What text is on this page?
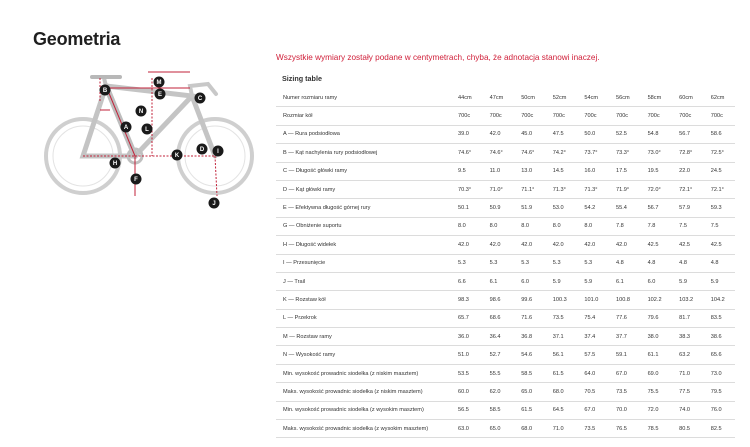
Geometria
Wszystkie wymiary zostały podane w centymetrach, chyba, że adnotacja stanowi inaczej.
B
M
E
C
N
A	L
D I
K
H
F
J
Sizing table
Numer rozmiaru ramy	44cm	47cm	50cm	52cm	54cm	56cm	58cm	60cm	62cm
Rozmiar kół	700c	700c	700c	700c	700c	700c	700c	700c	700c
A — Rura podsiodłowa	39.0	42.0	45.0	47.5	50.0	52.5	54.8	56.7	58.6
B — Kąt nachylenia rury podsiodłowej	74.6°	74.6°	74.6°	74.2°	73.7°	73.3°	73.0°	72.8°	72.5°
C — Długość główki ramy	9.5	11.0	13.0	14.5	16.0	17.5	19.5	22.0	24.5
D — Kąt główki ramy	70.3°	71.0°	71.1°	71.3°	71.3°	71.9°	72.0°	72.1°	72.1°
E — Efektywna długość górnej rury	50.1	50.9	51.9	53.0	54.2	55.4	56.7	57.9	59.3
G — Obniżenie suportu	8.0	8.0	8.0	8.0	8.0	7.8	7.8	7.5	7.5
H — Długość widełek	42.0	42.0	42.0	42.0	42.0	42.0	42.5	42.5	42.5
I — Przesunięcie	5.3	5.3	5.3	5.3	5.3	4.8	4.8	4.8	4.8
J — Trail	6.6	6.1	6.0	5.9	5.9	6.1	6.0	5.9	5.9
K — Rozstaw kół	98.3	98.6	99.6	100.3	101.0	100.8	102.2	103.2	104.2
L — Przekrok	65.7	68.6	71.6	73.5	75.4	77.6	79.6	81.7	83.5
M — Rozstaw ramy	36.0	36.4	36.8	37.1	37.4	37.7	38.0	38.3	38.6
N — Wysokość ramy	51.0	52.7	54.6	56.1	57.5	59.1	61.1	63.2	65.6
Min. wysokość prowadnic siodełka (z niskim masztem)	53.5	55.5	58.5	61.5	64.0	67.0	69.0	71.0	73.0
Maks. wysokość prowadnic siodełka (z niskim masztem)	60.0	62.0	65.0	68.0	70.5	73.5	75.5	77.5	79.5
Min. wysokość prowadnic siodełka (z wysokim masztem)	56.5	58.5	61.5	64.5	67.0	70.0	72.0	74.0	76.0
Maks. wysokość prowadnic siodełka (z wysokim masztem)	63.0	65.0	68.0	71.0	73.5	76.5	78.5	80.5	82.5
